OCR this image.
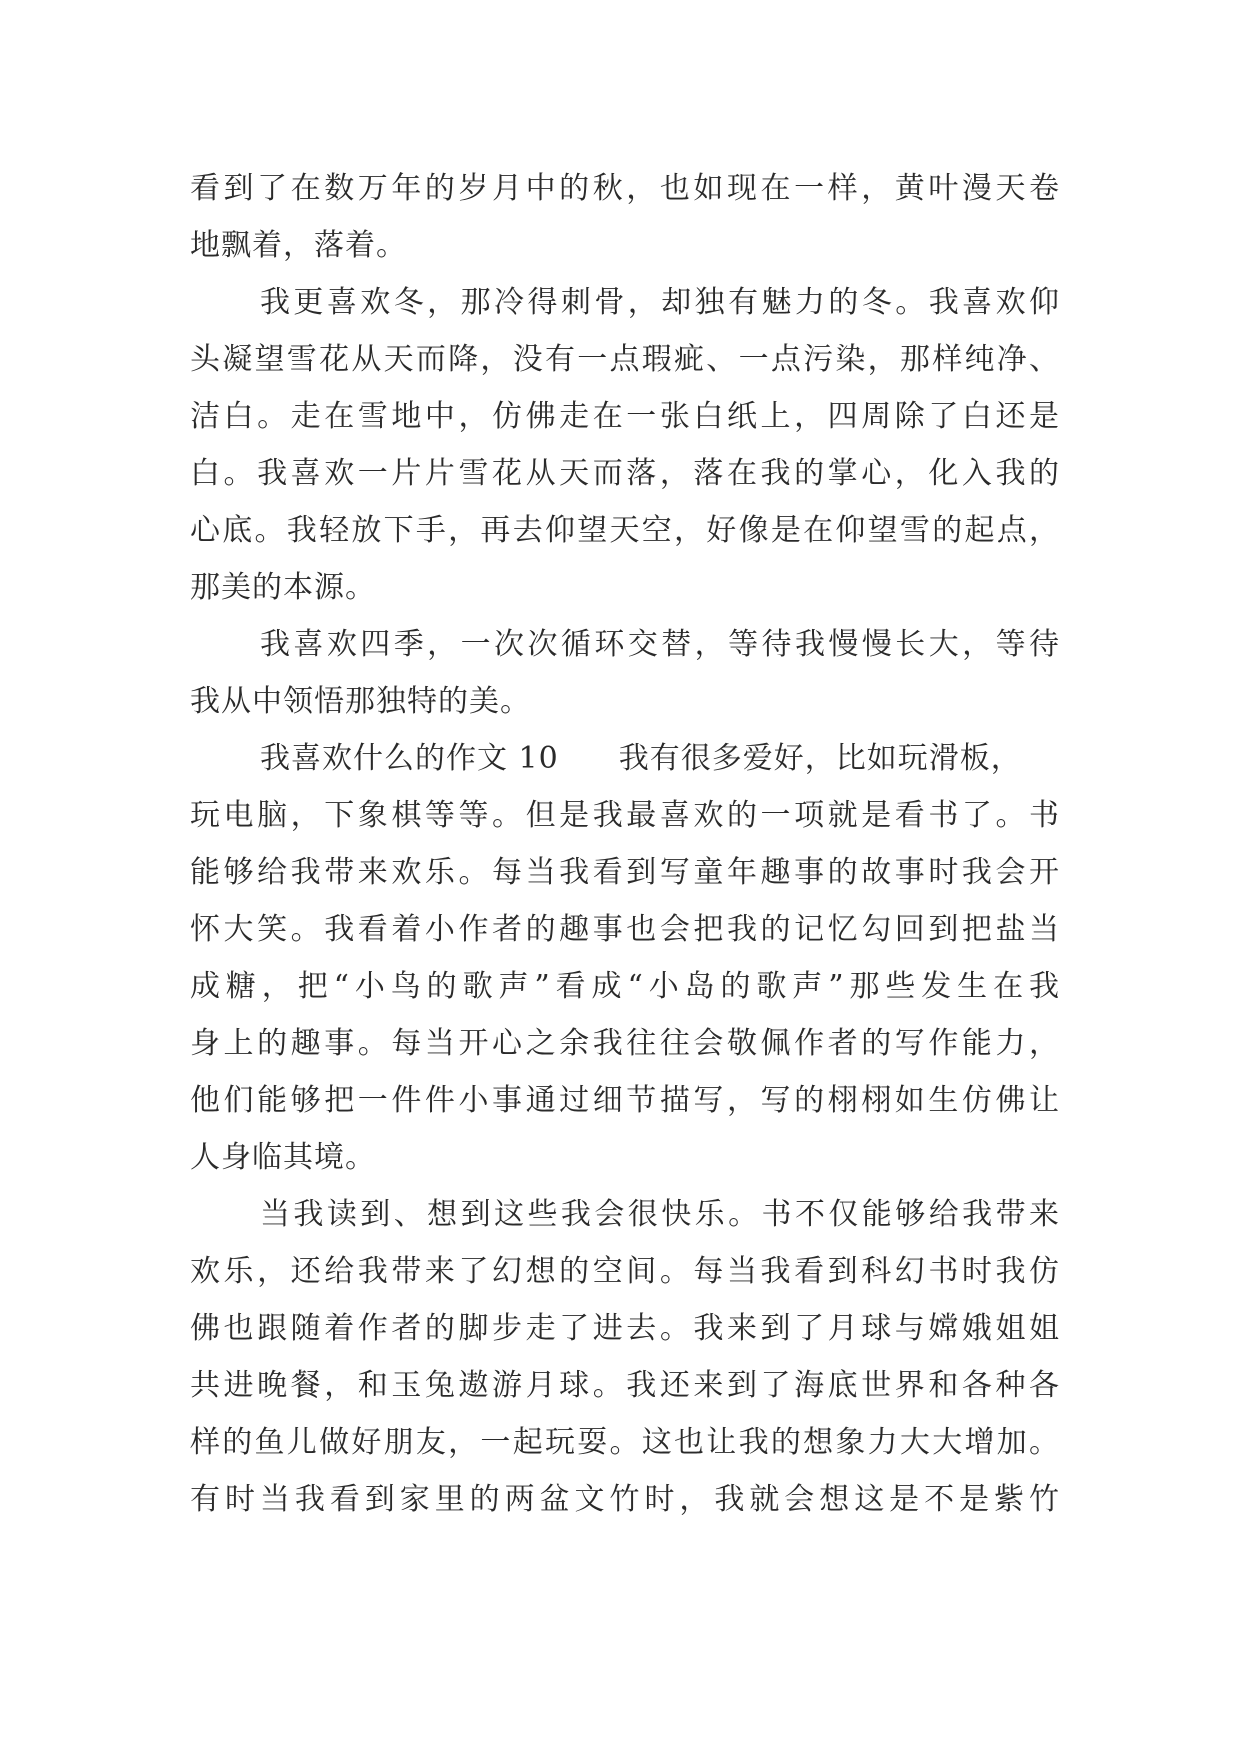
看到了在数万年的岁月中的秋，也如现在一样，黄叶漫天卷
地飘着，落着。
我更喜欢冬，那冷得刺骨，却独有魅力的冬。我喜欢仰
头凝望雪花从天而降，没有一点瑕疵、一点污染，那样纯净、
洁白。走在雪地中，仿佛走在一张白纸上，四周除了白还是
白。我喜欢一片片雪花从天而落，落在我的掌心，化入我的
心底。我轻放下手，再去仰望天空，好像是在仰望雪的起点，
那美的本源。
我喜欢四季，一次次循环交替，等待我慢慢长大，等待
我从中领悟那独特的美。
我喜欢什么的作文 10 我有很多爱好，比如玩滑板，
玩电脑，下象棋等等。但是我最喜欢的一项就是看书了。书
能够给我带来欢乐。每当我看到写童年趣事的故事时我会开
怀大笑。我看着小作者的趣事也会把我的记忆勾回到把盐当
成糖，把“小鸟的歌声”看成“小岛的歌声”那些发生在我
身上的趣事。每当开心之余我往往会敬佩作者的写作能力，
他们能够把一件件小事通过细节描写，写的栩栩如生仿佛让
人身临其境。
当我读到、想到这些我会很快乐。书不仅能够给我带来
欢乐，还给我带来了幻想的空间。每当我看到科幻书时我仿
佛也跟随着作者的脚步走了进去。我来到了月球与嫦娥姐姐
共进晚餐，和玉兔遨游月球。我还来到了海底世界和各种各
样的鱼儿做好朋友，一起玩耍。这也让我的想象力大大增加。
有时当我看到家里的两盆文竹时，我就会想这是不是紫竹
